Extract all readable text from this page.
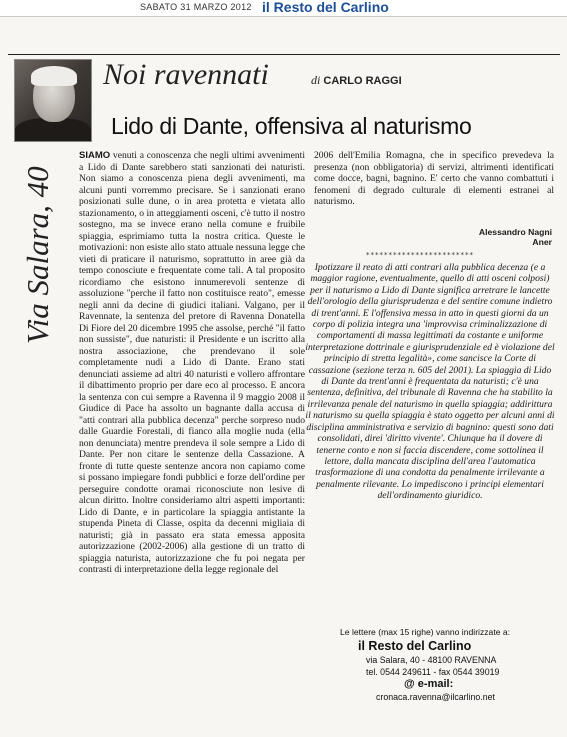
SABATO 31 MARZO 2012 il Resto del Carlino
Noi ravennati	di CARLO RAGGI
Lido di Dante, offensiva al naturismo
Via Salara, 40
SIAMO venuti a conoscenza che negli ultimi avvenimenti a Lido di Dante sarebbero stati sanzionati dei naturisti. Non siamo a conoscenza piena degli avvenimenti, ma alcuni punti vorremmo precisare. Se i sanzionati erano posizionati sulle dune, o in area protetta e vietata allo stazionamento, o in atteggiamenti osceni, c'è tutto il nostro sostegno, ma se invece erano nella comune e fruibile spiaggia, esprimiamo tutta la nostra critica. Queste le motivazioni: non esiste allo stato attuale nessuna legge che vieti di praticare il naturismo, soprattutto in aree già da tempo conosciute e frequentate come tali. A tal proposito ricordiamo che esistono innumerevoli sentenze di assoluzione "perche il fatto non costituisce reato", emesse negli anni da decine di giudici italiani. Valgano, per il Ravennate, la sentenza del pretore di Ravenna Donatella Di Fiore del 20 dicembre 1995 che assolse, perché "il fatto non sussiste", due naturisti: il Presidente e un iscritto alla nostra associazione, che prendevano il sole completamente nudi a Lido di Dante. Erano stati denunciati assieme ad altri 40 naturisti e vollero affrontare il dibattimento proprio per dare eco al processo. E ancora la sentenza con cui sempre a Ravenna il 9 maggio 2008 il Giudice di Pace ha assolto un bagnante dalla accusa di "atti contrari alla pubblica decenza" perche sorpreso nudo dalle Guardie Forestali, di fianco alla moglie nuda (ella non denunciata) mentre prendeva il sole sempre a Lido di Dante. Per non citare le sentenze della Cassazione. A fronte di tutte queste sentenze ancora non capiamo come si possano impiegare fondi pubblici e forze dell'ordine per perseguire condotte oramai riconosciute non lesive di alcun diritto. Inoltre consideriamo altri aspetti importanti: Lido di Dante, e in particolare la spiaggia antistante la stupenda Pineta di Classe, ospita da decenni migliaia di naturisti; già in passato era stata emessa apposita autorizzazione (2002-2006) alla gestione di un tratto di spiaggia naturista, autorizzazione che fu poi negata per contrasti di interpretazione della legge regionale del
2006 dell'Emilia Romagna, che in specifico prevedeva la presenza (non obbligatoria) di servizi, altrimenti identificati come docce, bagni, bagnino. E' certo che vanno combattuti i fenomeni di degrado culturale di elementi estranei al naturismo.
Alessandro Nagni
Aner
************************
Ipotizzare il reato di atti contrari alla pubblica decenza (e a maggior ragione, eventualmente, quello di atti osceni colposi) per il naturismo a Lido di Dante significa arretrare le lancette dell'orologio della giurisprudenza e del sentire comune indietro di trent'anni. E l'offensiva messa in atto in questi giorni da un corpo di polizia integra una 'improvvisa criminalizzazione di comportamenti di massa legittimati da costante e uniforme interpretazione dottrinale e giurisprudenziale ed è violazione del principio di stretta legalità», come sancisce la Corte di cassazione (sezione terza n. 605 del 2001). La spiaggia di Lido di Dante da trent'anni è frequentata da naturisti; c'è una sentenza, definitiva, del tribunale di Ravenna che ha stabilito la irrilevanza penale del naturismo in quella spiaggia; addirittura il naturismo su quella spiaggia è stato oggetto per alcuni anni di disciplina amministrativa e servizio di bagnino: questi sono dati consolidati, direi 'diritto vivente'. Chiunque ha il dovere di tenerne conto e non si faccia discendere, come sottolinea il lettore, dalla mancata disciplina dell'area l'automatica trasformazione di una condotta da penalmente irrilevante a penalmente rilevante. Lo impediscono i principi elementari dell'ordinamento giuridico.
Le lettere (max 15 righe) vanno indirizzate a:
il Resto del Carlino
via Salara, 40 - 48100 RAVENNA
tel. 0544 249611 - fax 0544 39019
@ e-mail:
cronaca.ravenna@ilcarlino.net
